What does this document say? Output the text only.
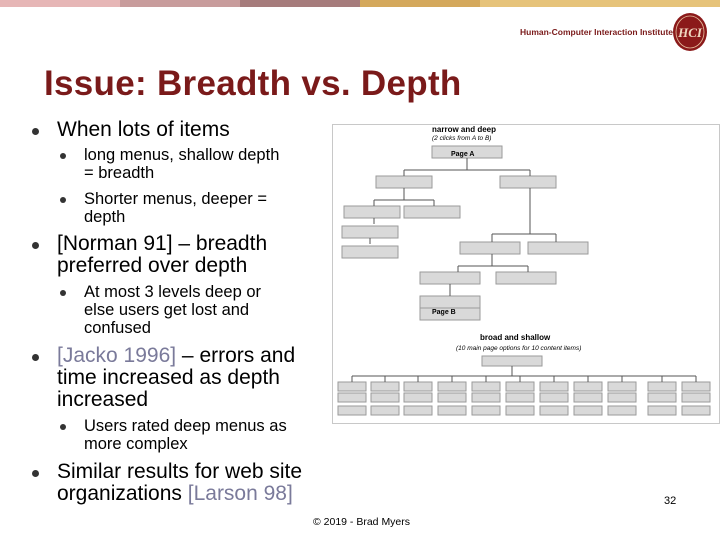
Human-Computer Interaction Institute HCI
Issue: Breadth vs. Depth
When lots of items
long menus, shallow depth
= breadth
Shorter menus, deeper =
depth
[Norman 91] – breadth
preferred over depth
At most 3 levels deep or
else users get lost and
confused
[Jacko 1996] – errors and
time increased as depth
increased
Users rated deep menus as
more complex
Similar results for web site
organizations [Larson 98]
narrow and deep
(2 clicks from A to B)
Page A
Page B
broad and shallow
(10 main page options for 10 content items)
32
© 2019 - Brad Myers
